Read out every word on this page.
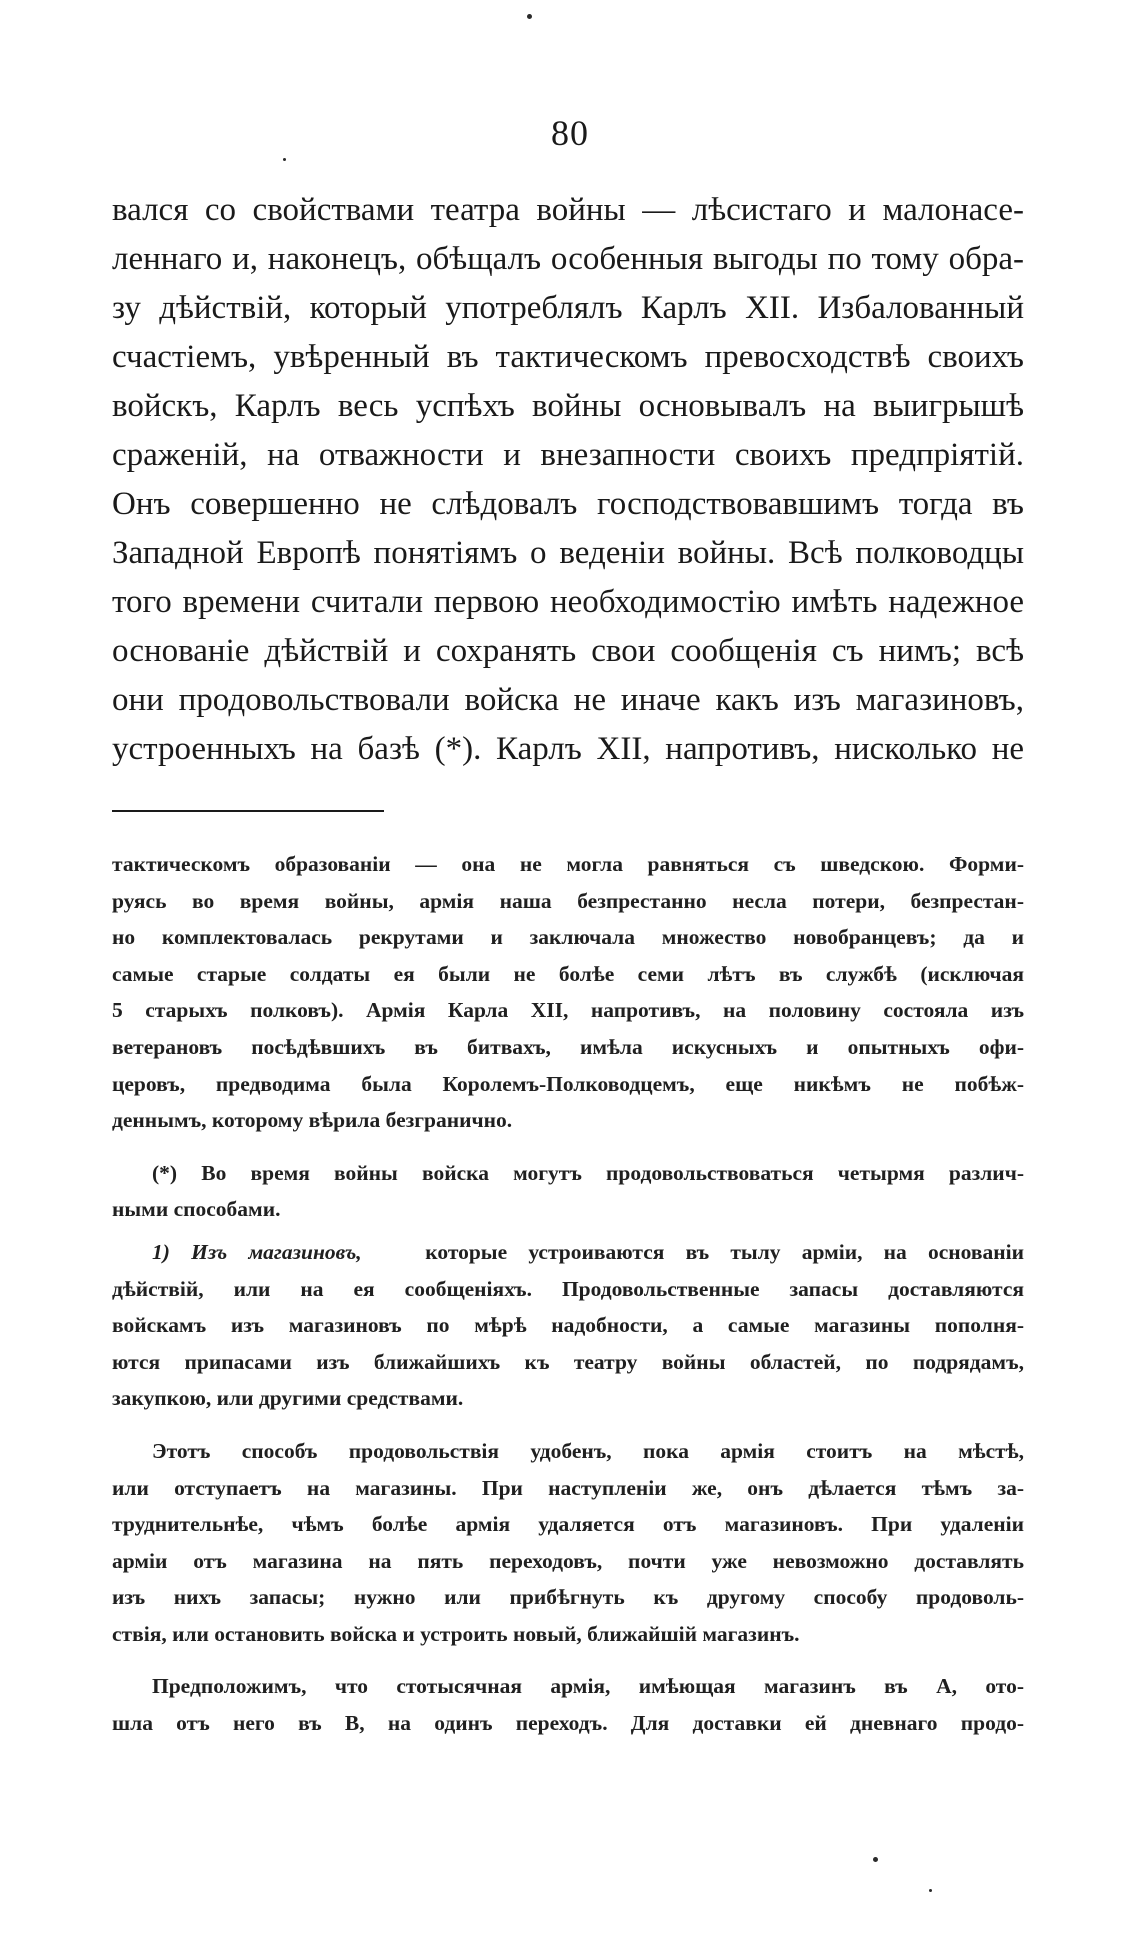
80
вался со свойствами театра войны — лѣсистаго и малонасе-
леннаго и, наконецъ, обѣщалъ особенныя выгоды по тому обра-
зу дѣйствій, который употреблялъ Карлъ XII. Избалованный
счастіемъ, увѣренный въ тактическомъ превосходствѣ своихъ
войскъ, Карлъ весь успѣхъ войны основывалъ на выигрышѣ
сраженій, на отважности и внезапности своихъ предпріятій.
Онъ совершенно не слѣдовалъ господствовавшимъ тогда въ
Западной Европѣ понятіямъ о веденіи войны. Всѣ полководцы
того времени считали первою необходимостію имѣть надежное
основаніе дѣйствій и сохранять свои сообщенія съ нимъ; всѣ
они продовольствовали войска не иначе какъ изъ магазиновъ,
устроенныхъ на базѣ (*). Карлъ XII, напротивъ, нисколько не
тактическомъ образованіи — она не могла равняться съ шведскою. Форми-
руясь во время войны, армія наша безпрестанно несла потери, безпрестан-
но комплектовалась рекрутами и заключала множество новобранцевъ; да и
самые старые солдаты ея были не болѣе семи лѣтъ въ службѣ (исключая
5 старыхъ полковъ). Армія Карла XII, напротивъ, на половину состояла изъ
ветерановъ посѣдѣвшихъ въ битвахъ, имѣла искусныхъ и опытныхъ офи-
церовъ, предводима была Королемъ-Полководцемъ, еще никѣмъ не побѣж-
деннымъ, которому вѣрила безгранично.
(*) Во время войны войска могутъ продовольствоваться четырмя различ-
ными способами.
1) Изъ магазиновъ,	которые устроиваются въ тылу арміи, на основаніи
дѣйствій, или на ея сообщеніяхъ. Продовольственные запасы доставляются
войскамъ изъ магазиновъ по мѣрѣ надобности, а самые магазины пополня-
ются припасами изъ ближайшихъ къ театру войны областей, по подрядамъ,
закупкою, или другими средствами.
Этотъ способъ продовольствія удобенъ, пока армія стоитъ на мѣстѣ,
или отступаетъ на магазины. При наступленіи же, онъ дѣлается тѣмъ за-
труднительнѣе, чѣмъ болѣе армія удаляется отъ магазиновъ. При удаленіи
арміи отъ магазина на пять переходовъ, почти уже невозможно доставлять
изъ нихъ запасы; нужно или прибѣгнуть къ другому способу продоволь-
ствія, или остановить войска и устроить новый, ближайшій магазинъ.
Предположимъ, что стотысячная армія, имѣющая магазинъ въ А, ото-
шла отъ него въ В, на одинъ переходъ. Для доставки ей дневнаго продо-
